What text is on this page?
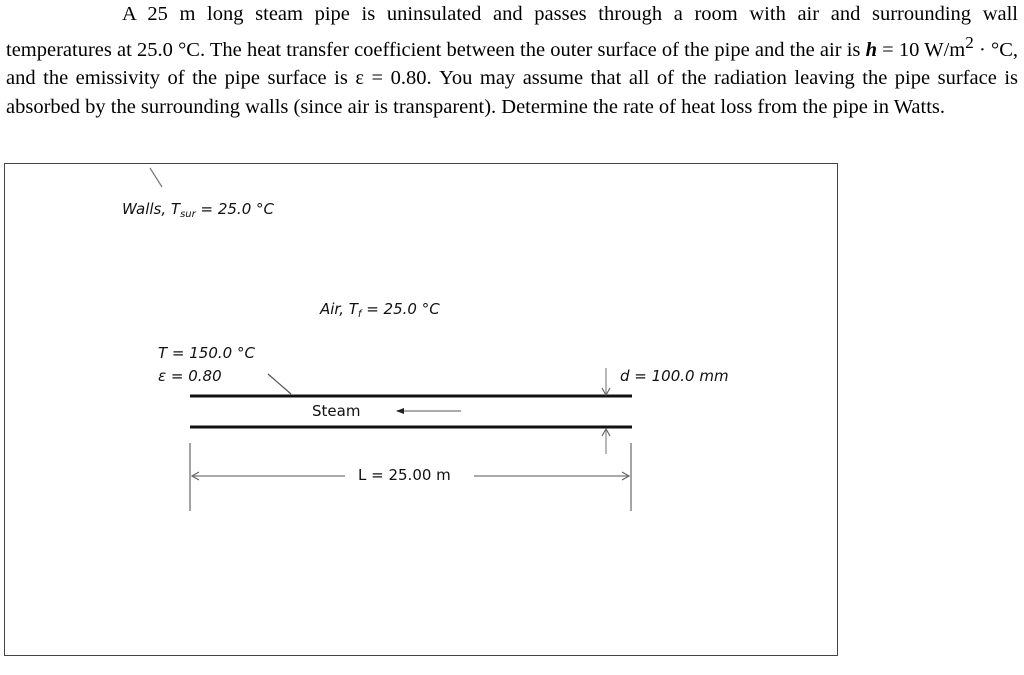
A 25 m long steam pipe is uninsulated and passes through a room with air and surrounding wall temperatures at 25.0 °C. The heat transfer coefficient between the outer surface of the pipe and the air is h = 10 $W/m^2 \cdot ^\circ C$, and the emissivity of the pipe surface is ε = 0.80. You may assume that all of the radiation leaving the pipe surface is absorbed by the surrounding walls (since air is transparent). Determine the rate of heat loss from the pipe in Watts.

Walls, $T_{sur} = 25.0$ °C
Air, $T_f = 25.0$ °C
T = 150.0 °C
ε = 0.80
Steam
d = 100.0 mm
L = 25.00 m
